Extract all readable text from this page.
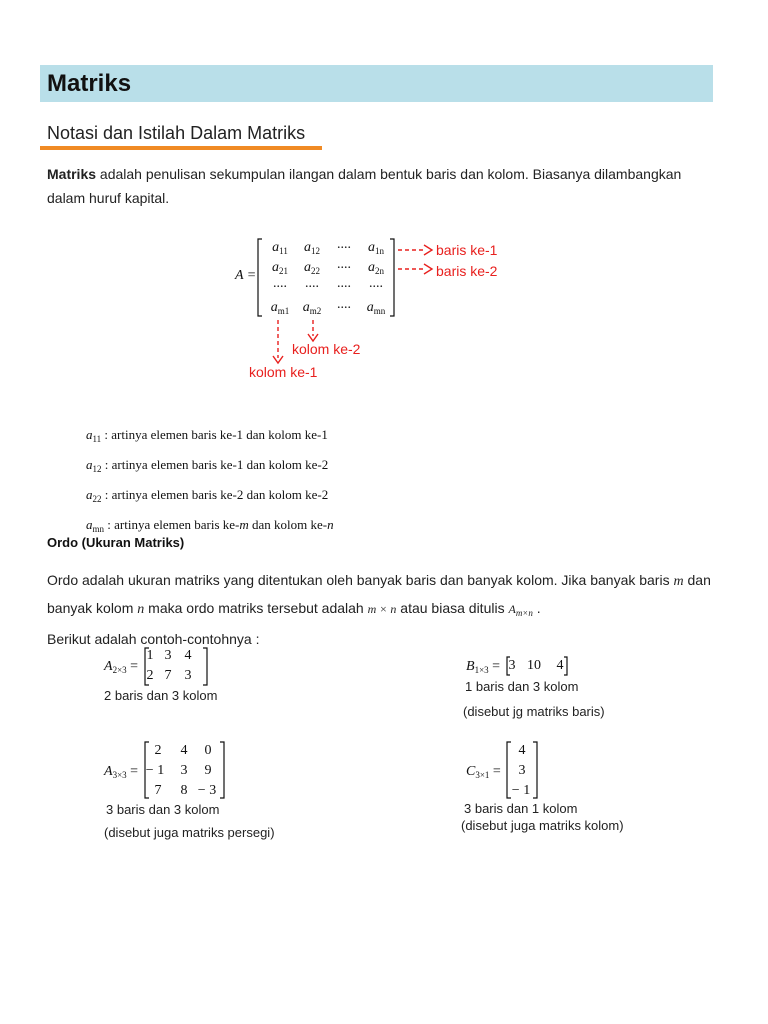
Matriks
Notasi dan Istilah Dalam Matriks
Matriks adalah penulisan sekumpulan ilangan dalam bentuk baris dan kolom. Biasanya dilambangkan
dalam huruf kapital.
A =
$a_{11}$	$a_{12}$	....	$a_{1n}$
$a_{21}$	$a_{22}$	....	$a_{2n}$
....	....	....	....
$a_{m1}$ $a_{m2}$	....	$a_{mn}$
baris ke-1
baris ke-2
kolom ke-2
kolom ke-1
$a_{11}$ : artinya elemen baris ke-1 dan kolom ke-1
$a_{12}$ : artinya elemen baris ke-1 dan kolom ke-2
$a_{22}$ : artinya elemen baris ke-2 dan kolom ke-2
$a_{mn}$ : artinya elemen baris ke-m dan kolom ke-n
Ordo (Ukuran Matriks)
Ordo adalah ukuran matriks yang ditentukan oleh banyak baris dan banyak kolom. Jika banyak baris m dan
banyak kolom n maka ordo matriks tersebut adalah m × n atau biasa ditulis $A_{m\times n}$ .
Berikut adalah contoh-contohnya :
$A_{2\times 3}$ =
1 3 4
2 7 3
2 baris dan 3 kolom
$B_{1\times 3} = 3$ 10	4
1 baris dan 3 kolom
(disebut jg matriks baris)
$A_{3\times 3}$ =
2	4	0
− 1	3	9
7	8 − 3
3 baris dan 3 kolom
(disebut juga matriks persegi)
$C_{3\times 1}$ =
4
3
− 1
3 baris dan 1 kolom
(disebut juga matriks kolom)
